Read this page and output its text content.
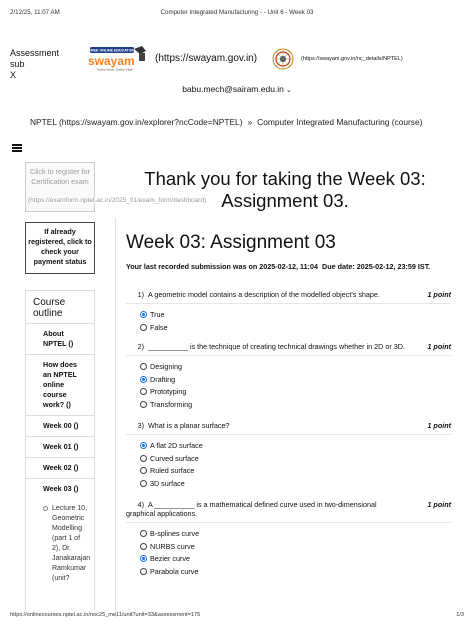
2/12/25, 11:07 AM	Computer Integrated Manufacturing - - Unit 6 - Week 03
Assessment sub
X
FREE ONLINE EDUCATION
swayam
"Sabka Saath, Sabka Vikas"
(https://swayam.gov.in)	(https://swayam.gov.in/nc_details/NPTEL)
babu.mech@sairam.edu.in ⌄
NPTEL (https://swayam.gov.in/explorer?ncCode=NPTEL) » Computer Integrated Manufacturing (course)
Click to register for Certification exam
If already registered, click to check your payment status
Thank you for taking the Week 03: Assignment 03.
(https://examform.nptel.ac.in/2025_01/exam_form/dashboard)
Course outline
About NPTEL ()
How does an NPTEL online course work? ()
Week 00 ()
Week 01 ()
Week 02 ()
Week 03 ()
Lecture 10, Geometric Modelling (part 1 of 2), Dr. Janakarajan Ramkumar (unit?
Week 03: Assignment 03
Your last recorded submission was on 2025-02-12, 11:04 Due date: 2025-02-12, 23:59 IST.
1) A geometric model contains a description of the modelled object's shape.	1 point
True
False
2) __________ is the technique of creating technical drawings whether in 2D or 3D.	1 point
Designing
Drafting
Prototyping
Transforming
3) What is a planar surface?	1 point
A flat 2D surface
Curved surface
Ruled surface
3D surface
4) A __________ is a mathematical defined curve used in two-dimensional graphical applications.
1 point
B-splines curve
NURBS curve
Bezier curve
Parabola curve
https://onlinecourses.nptel.ac.in/noc25_me11/unit?unit=33&assessment=175	1/3
